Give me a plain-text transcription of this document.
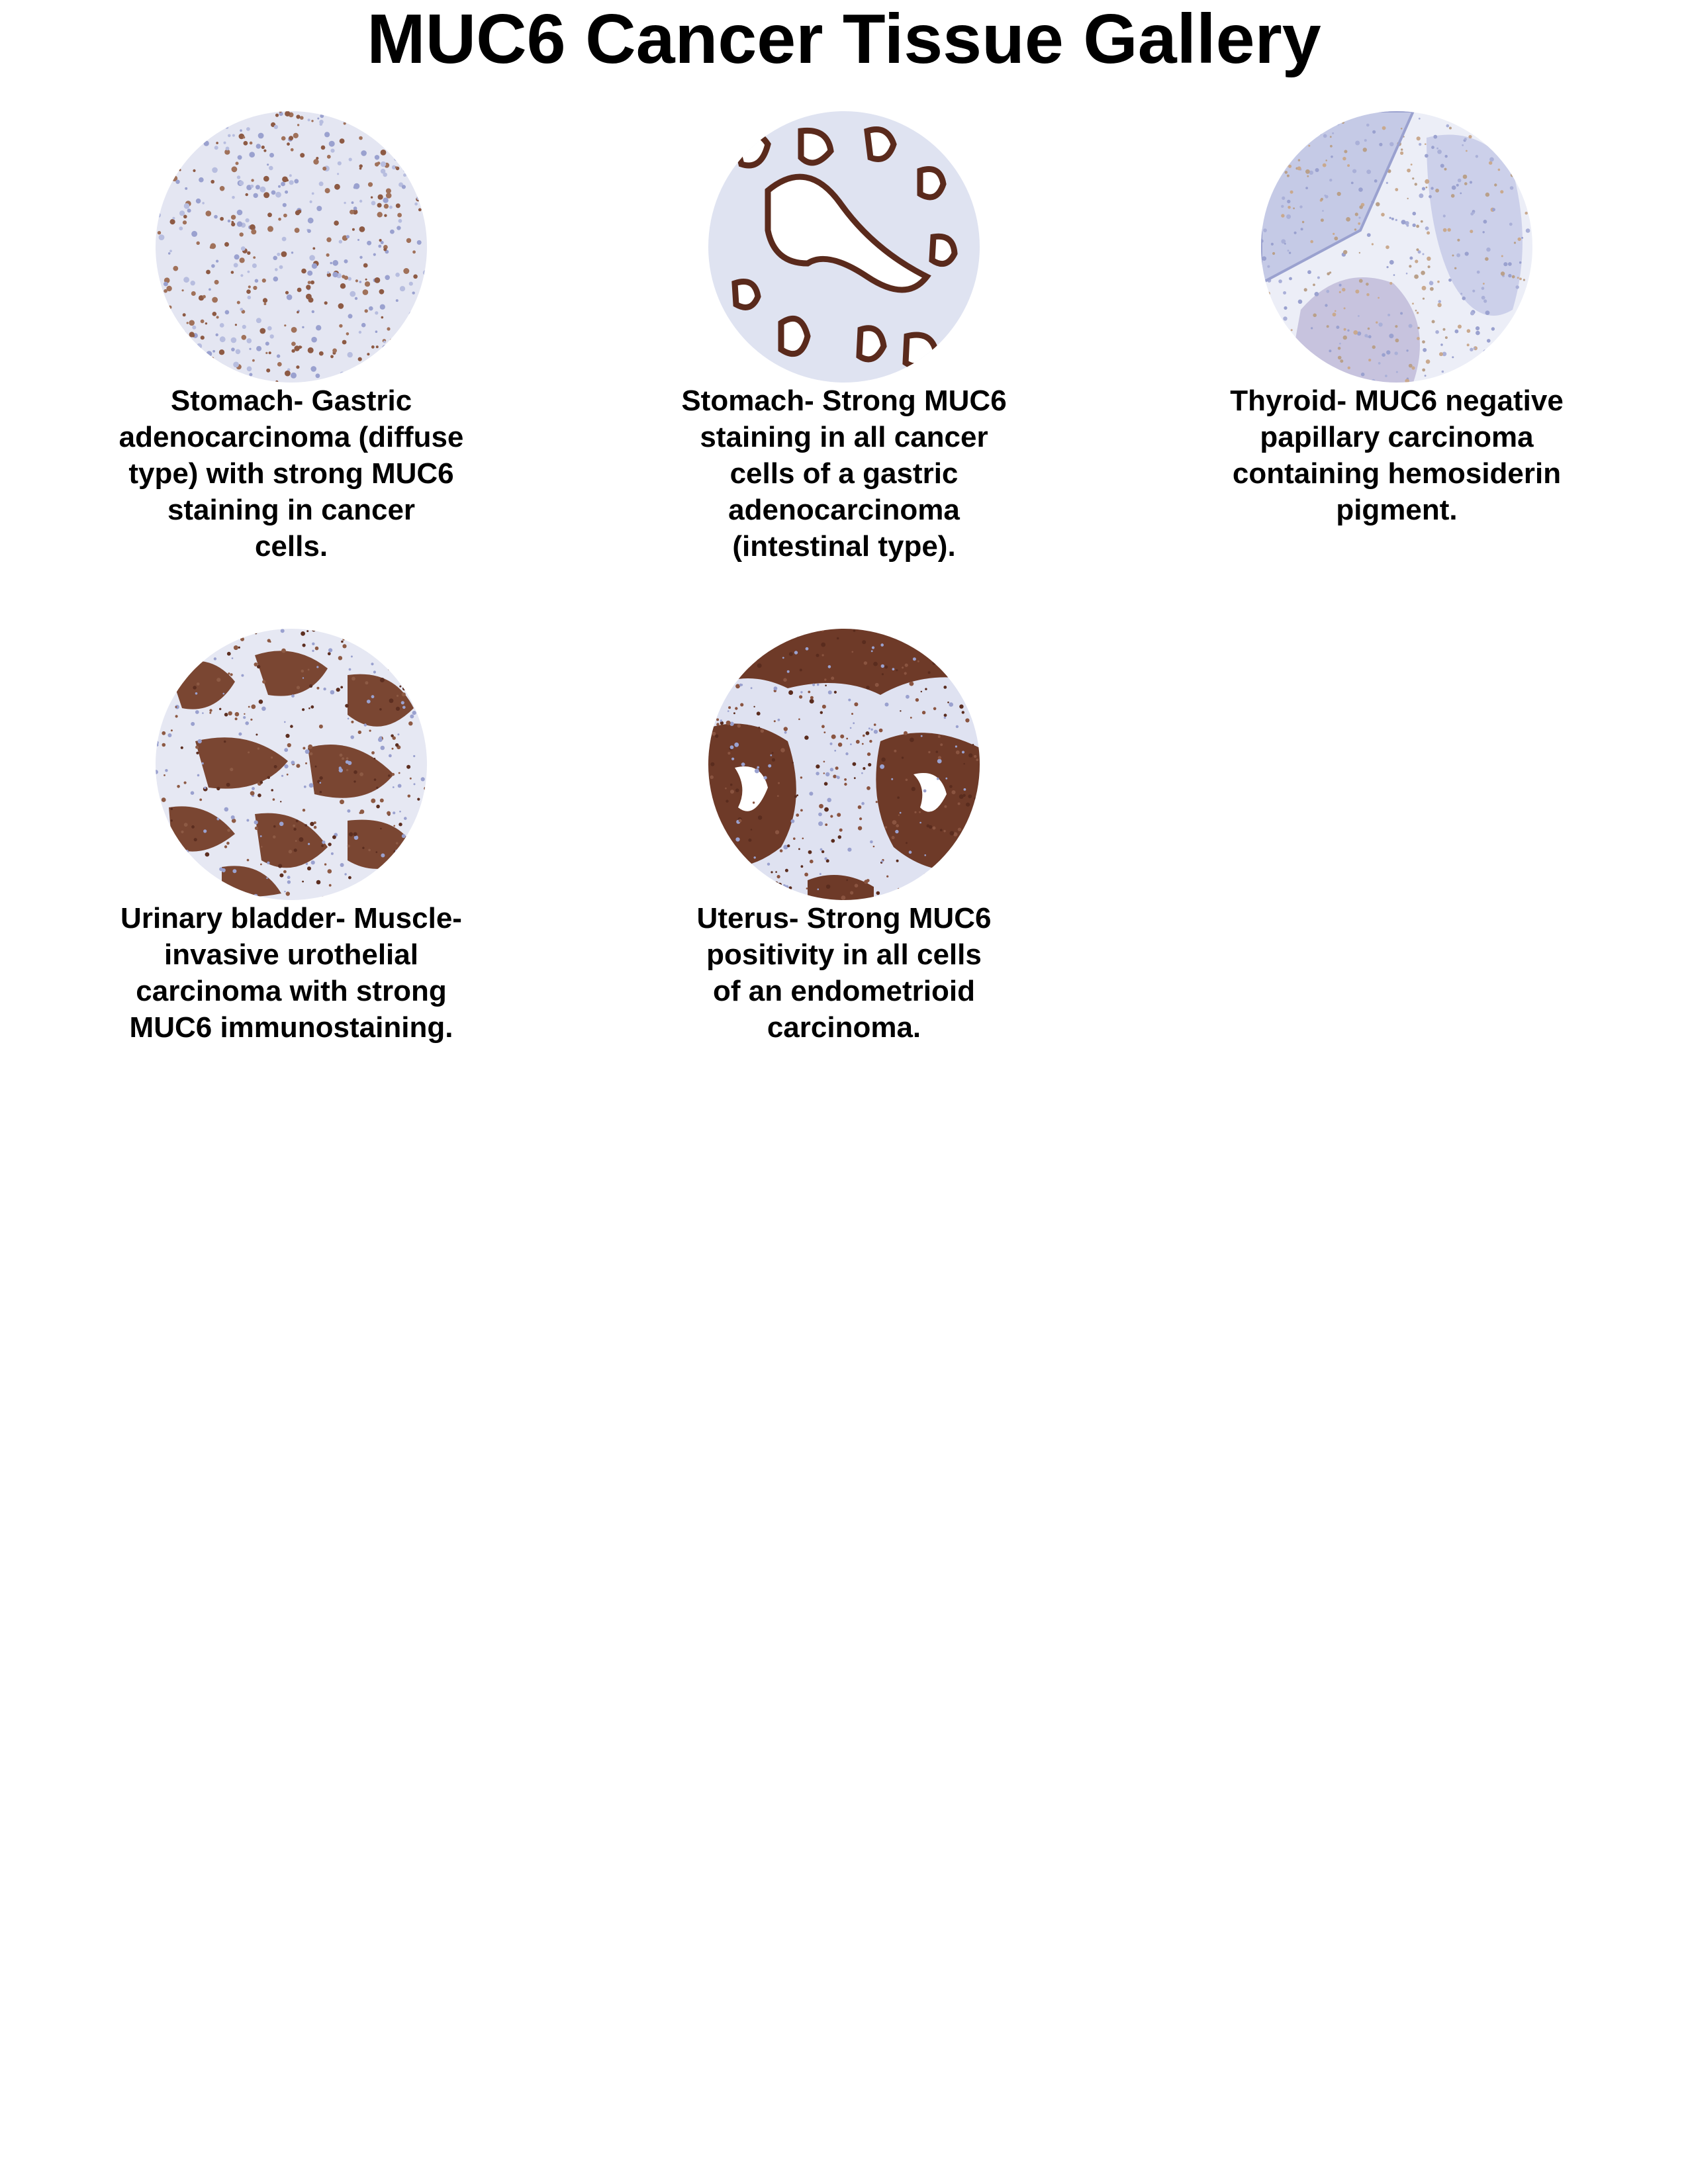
MUC6 Cancer Tissue Gallery

Stomach- Gastric
adenocarcinoma (diffuse
type) with strong MUC6
staining in cancer
cells.

Stomach- Strong MUC6
staining in all cancer
cells of a gastric
adenocarcinoma
(intestinal type).

Thyroid- MUC6 negative
papillary carcinoma
containing hemosiderin
pigment.

Urinary bladder- Muscle-
invasive urothelial
carcinoma with strong
MUC6 immunostaining.

Uterus- Strong MUC6
positivity in all cells
of an endometrioid
carcinoma.
